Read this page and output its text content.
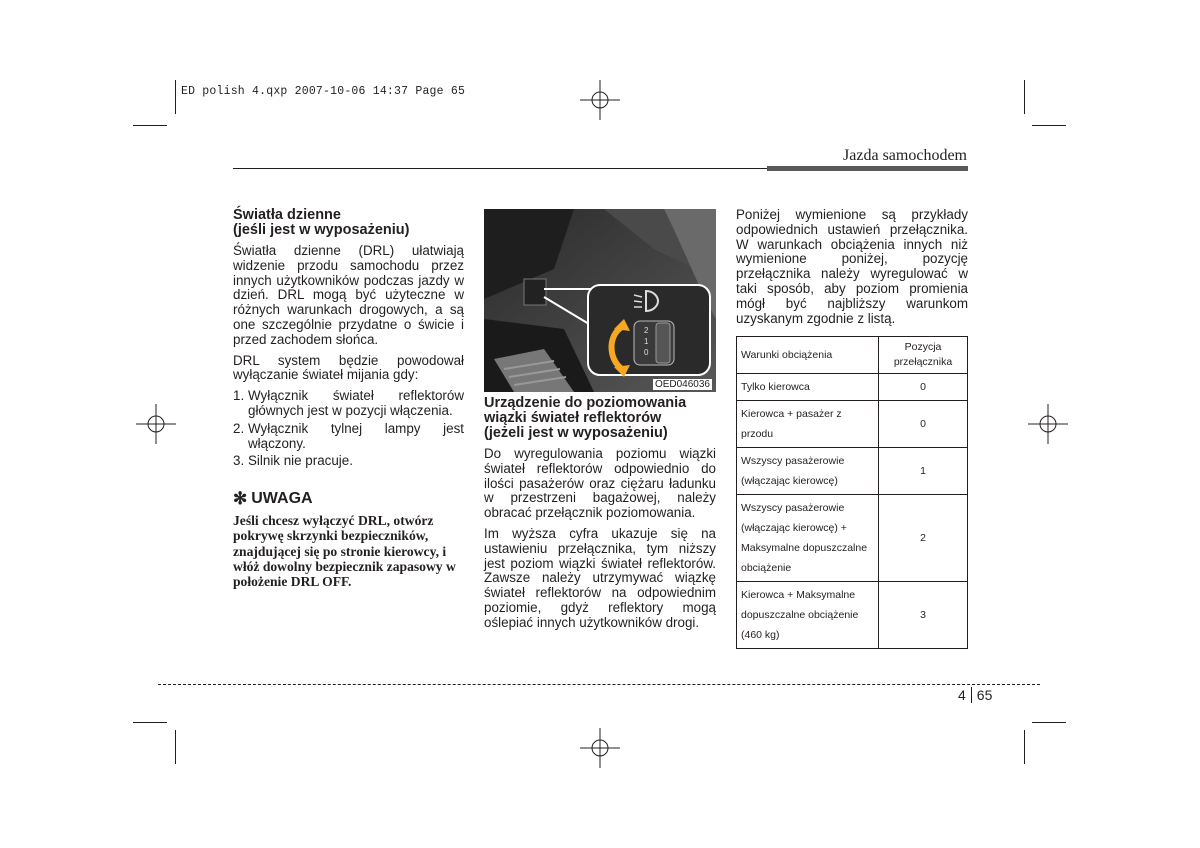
ED polish 4.qxp 2007-10-06 14:37 Page 65
Jazda samochodem
Światła dzienne
(jeśli jest w wyposażeniu)

Światła dzienne (DRL) ułatwiają widzenie przodu samochodu przez innych użytkowników podczas jazdy w dzień. DRL mogą być użyteczne w różnych warunkach drogowych, a są one szczególnie przydatne o świcie i przed zachodem słońca.

DRL system będzie powodował wyłączanie świateł mijania gdy:

1. Wyłącznik świateł reflektorów głównych jest w pozycji włączenia.
2. Wyłącznik tylnej lampy jest włączony.
3. Silnik nie pracuje.
✻ UWAGA
Jeśli chcesz wyłączyć DRL, otwórz pokrywę skrzynki bezpieczników, znajdującej się po stronie kierowcy, i włóż dowolny bezpiecznik zapasowy w położenie DRL OFF.
2
1
0
OED046036
Urządzenie do poziomowania
wiązki świateł reflektorów
(jeżeli jest w wyposażeniu)

Do wyregulowania poziomu wiązki świateł reflektorów odpowiednio do ilości pasażerów oraz ciężaru ładunku w przestrzeni bagażowej, należy obracać przełącznik poziomowania.

Im wyższa cyfra ukazuje się na ustawieniu przełącznika, tym niższy jest poziom wiązki świateł reflektorów. Zawsze należy utrzymywać wiązkę świateł reflektorów na odpowiednim poziomie, gdyż reflektory mogą oślepiać innych użytkowników drogi.

Poniżej wymienione są przykłady odpowiednich ustawień przełącznika. W warunkach obciążenia innych niż wymienione poniżej, pozycję przełącznika należy wyregulować w taki sposób, aby poziom promienia mógł być najbliższy warunkom uzyskanym zgodnie z listą.

Warunki obciążenia	Pozycja przełącznika
Tylko kierowca	0
Kierowca + pasażer z przodu	0
Wszyscy pasażerowie (włączając kierowcę)	1
Wszyscy pasażerowie (włączając kierowcę) + Maksymalne dopuszczalne obciążenie	2
Kierowca + Maksymalne dopuszczalne obciążenie (460 kg)	3
4 65
